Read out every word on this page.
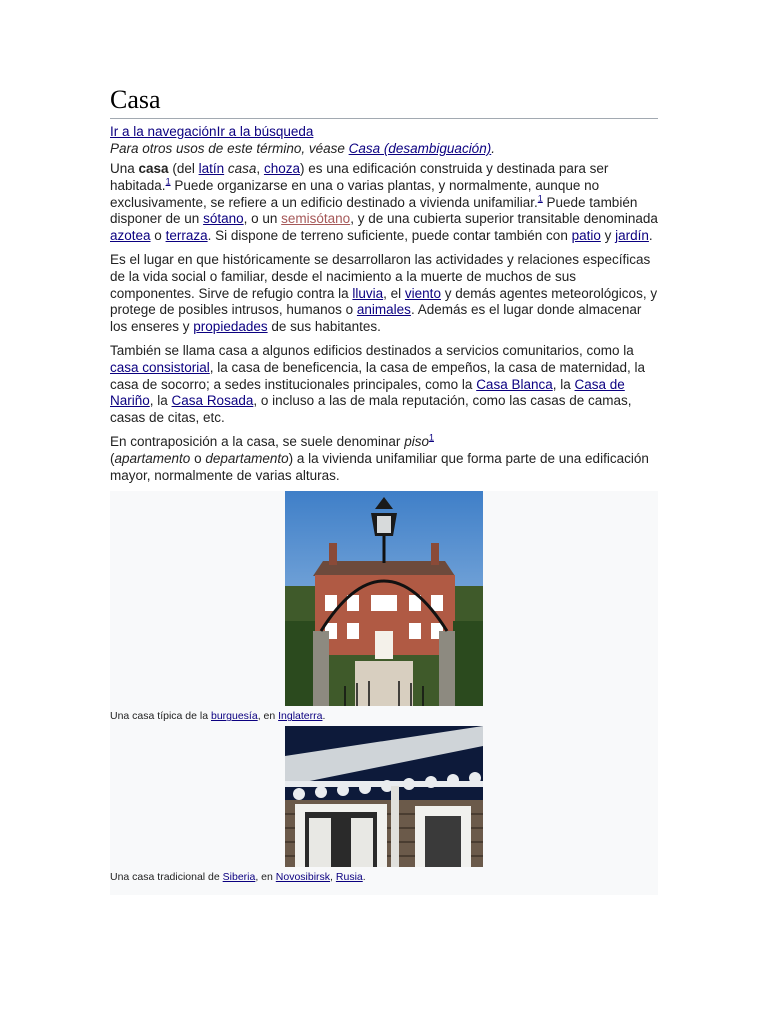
Casa
Ir a la navegaciónIr a la búsqueda
Para otros usos de este término, véase Casa (desambiguación).

Una casa (del latín casa, choza) es una edificación construida y destinada para ser habitada.$^1$ Puede organizarse en una o varias plantas, y normalmente, aunque no exclusivamente, se refiere a un edificio destinado a vivienda unifamiliar.$^1$ Puede también disponer de un sótano, o un semisótano, y de una cubierta superior transitable denominada azotea o terraza. Si dispone de terreno suficiente, puede contar también con patio y jardín.

Es el lugar en que históricamente se desarrollaron las actividades y relaciones específicas de la vida social o familiar, desde el nacimiento a la muerte de muchos de sus componentes. Sirve de refugio contra la lluvia, el viento y demás agentes meteorológicos, y protege de posibles intrusos, humanos o animales. Además es el lugar donde almacenar los enseres y propiedades de sus habitantes.

También se llama casa a algunos edificios destinados a servicios comunitarios, como la casa consistorial, la casa de beneficencia, la casa de empeños, la casa de maternidad, la casa de socorro; a sedes institucionales principales, como la Casa Blanca, la Casa de Nariño, la Casa Rosada, o incluso a las de mala reputación, como las casas de camas, casas de citas, etc.

En contraposición a la casa, se suele denominar piso$^1$
(apartamento o departamento) a la vivienda unifamiliar que forma parte de una edificación mayor, normalmente de varias alturas.

Una casa típica de la burguesía, en Inglaterra.
Una casa tradicional de Siberia, en Novosibirsk, Rusia.
